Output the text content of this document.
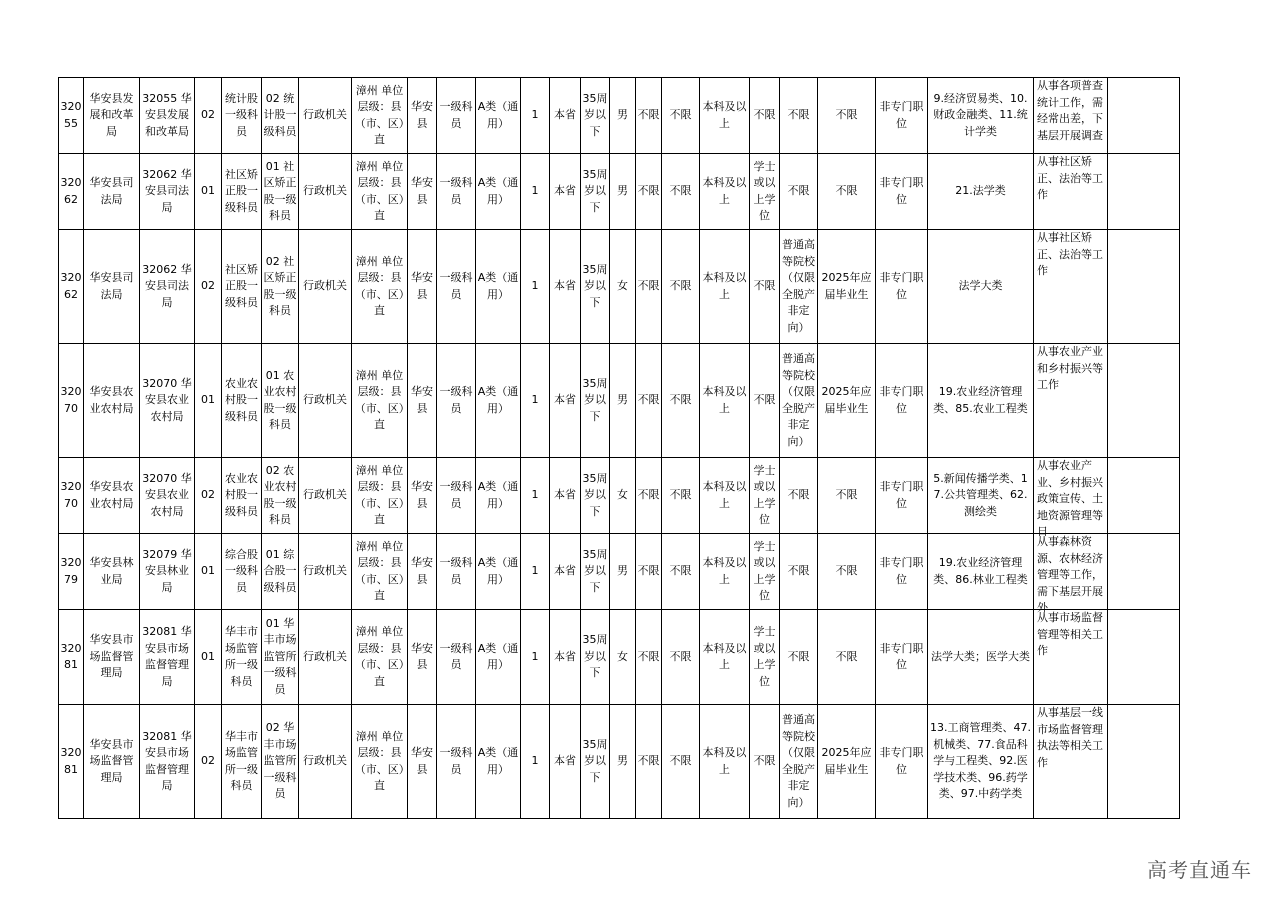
32055	华安县发展和改革局	32055 华安县发展和改革局	02	统计股一级科员	02 统计股一级科员	行政机关	漳州 单位层级：县（市、区）直	华安县	一级科员	A类（通用）	1	本省	35周岁以下	男	不限	不限	本科及以上	不限	不限	不限	非专门职位	9.经济贸易类、10.财政金融类、11.统计学类	从事各项普查统计工作，需经常出差，下基层开展调查	

32062	华安县司法局	32062 华安县司法局	01	社区矫正股一级科员	01 社区矫正股一级科员	行政机关	漳州 单位层级：县（市、区）直	华安县	一级科员	A类（通用）	1	本省	35周岁以下	男	不限	不限	本科及以上	学士或以上学位	不限	不限	非专门职位	21.法学类	从事社区矫正、法治等工作	

32062	华安县司法局	32062 华安县司法局	02	社区矫正股一级科员	02 社区矫正股一级科员	行政机关	漳州 单位层级：县（市、区）直	华安县	一级科员	A类（通用）	1	本省	35周岁以下	女	不限	不限	本科及以上	不限	普通高等院校（仅限全脱产非定向）	2025年应届毕业生	非专门职位	法学大类	从事社区矫正、法治等工作	

32070	华安县农业农村局	32070 华安县农业农村局	01	农业农村股一级科员	01 农业农村股一级科员	行政机关	漳州 单位层级：县（市、区）直	华安县	一级科员	A类（通用）	1	本省	35周岁以下	男	不限	不限	本科及以上	不限	普通高等院校（仅限全脱产非定向）	2025年应届毕业生	非专门职位	19.农业经济管理类、85.农业工程类	从事农业产业和乡村振兴等工作	

32070	华安县农业农村局	32070 华安县农业农村局	02	农业农村股一级科员	02 农业农村股一级科员	行政机关	漳州 单位层级：县（市、区）直	华安县	一级科员	A类（通用）	1	本省	35周岁以下	女	不限	不限	本科及以上	学士或以上学位	不限	不限	非专门职位	5.新闻传播学类、17.公共管理类、62.测绘类	从事农业产业、乡村振兴政策宣传、土地资源管理等日	

32079	华安县林业局	32079 华安县林业局	01	综合股一级科员	01 综合股一级科员	行政机关	漳州 单位层级：县（市、区）直	华安县	一级科员	A类（通用）	1	本省	35周岁以下	男	不限	不限	本科及以上	学士或以上学位	不限	不限	非专门职位	19.农业经济管理类、86.林业工程类	从事森林资源、农林经济管理等工作，需下基层开展外	

32081	华安县市场监督管理局	32081 华安县市场监督管理局	01	华丰市场监管所一级科员	01 华丰市场监管所一级科员	行政机关	漳州 单位层级：县（市、区）直	华安县	一级科员	A类（通用）	1	本省	35周岁以下	女	不限	不限	本科及以上	学士或以上学位	不限	不限	非专门职位	法学大类；医学大类	从事市场监督管理等相关工作	

32081	华安县市场监督管理局	32081 华安县市场监督管理局	02	华丰市场监管所一级科员	02 华丰市场监管所一级科员	行政机关	漳州 单位层级：县（市、区）直	华安县	一级科员	A类（通用）	1	本省	35周岁以下	男	不限	不限	本科及以上	不限	普通高等院校（仅限全脱产非定向）	2025年应届毕业生	非专门职位	13.工商管理类、47.机械类、77.食品科学与工程类、92.医学技术类、96.药学类、97.中药学类	从事基层一线市场监督管理执法等相关工作	

高考直通车
